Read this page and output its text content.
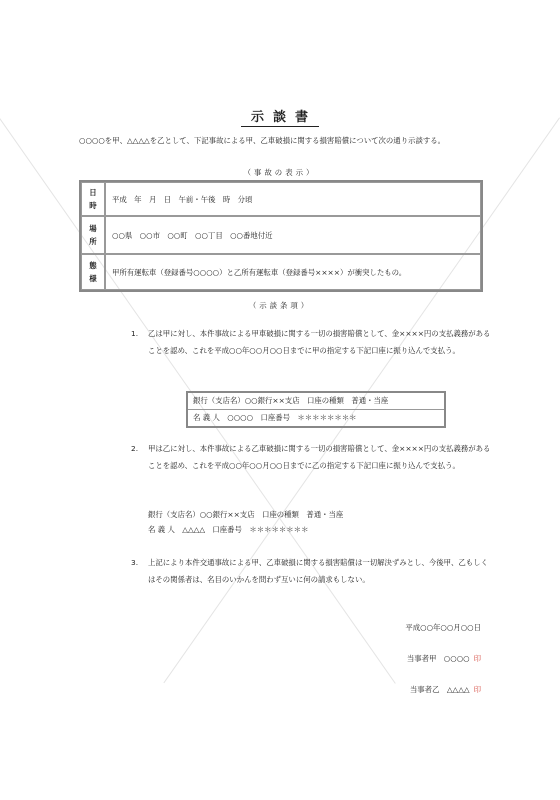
示談書
○○○○を甲、△△△△を乙として、下記事故による甲、乙車破損に関する損害賠償について次の通り示談する。
（事故の表示）
日時	平成　年　月　日　午前・午後　時　分頃

場所	○○県　○○市　○○町　○○丁目　○○番地付近

態様	甲所有運転車（登録番号○○○○）と乙所有運転車（登録番号××××）が衝突したもの。
（示談条項）
1. 乙は甲に対し、本件事故による甲車破損に関する一切の損害賠償として、金××××円の支払義務があることを認め、これを平成○○年○○月○○日までに甲の指定する下記口座に振り込んで支払う。
銀行（支店名）○○銀行××支店　口座の種類　普通・当座
名 義 人　○○○○　口座番号　＊＊＊＊＊＊＊＊
2. 甲は乙に対し、本件事故による乙車破損に関する一切の損害賠償として、金××××円の支払義務があることを認め、これを平成○○年○○月○○日までに乙の指定する下記口座に振り込んで支払う。
銀行（支店名）○○銀行××支店　口座の種類　普通・当座
名 義 人　△△△△　口座番号　＊＊＊＊＊＊＊＊
3. 上記により本件交通事故による甲、乙車破損に関する損害賠償は一切解決ずみとし、今後甲、乙もしくはその関係者は、名目のいかんを問わず互いに何の請求もしない。
平成○○年○○月○○日
当事者甲　○○○○ 印
当事者乙　△△△△ 印
